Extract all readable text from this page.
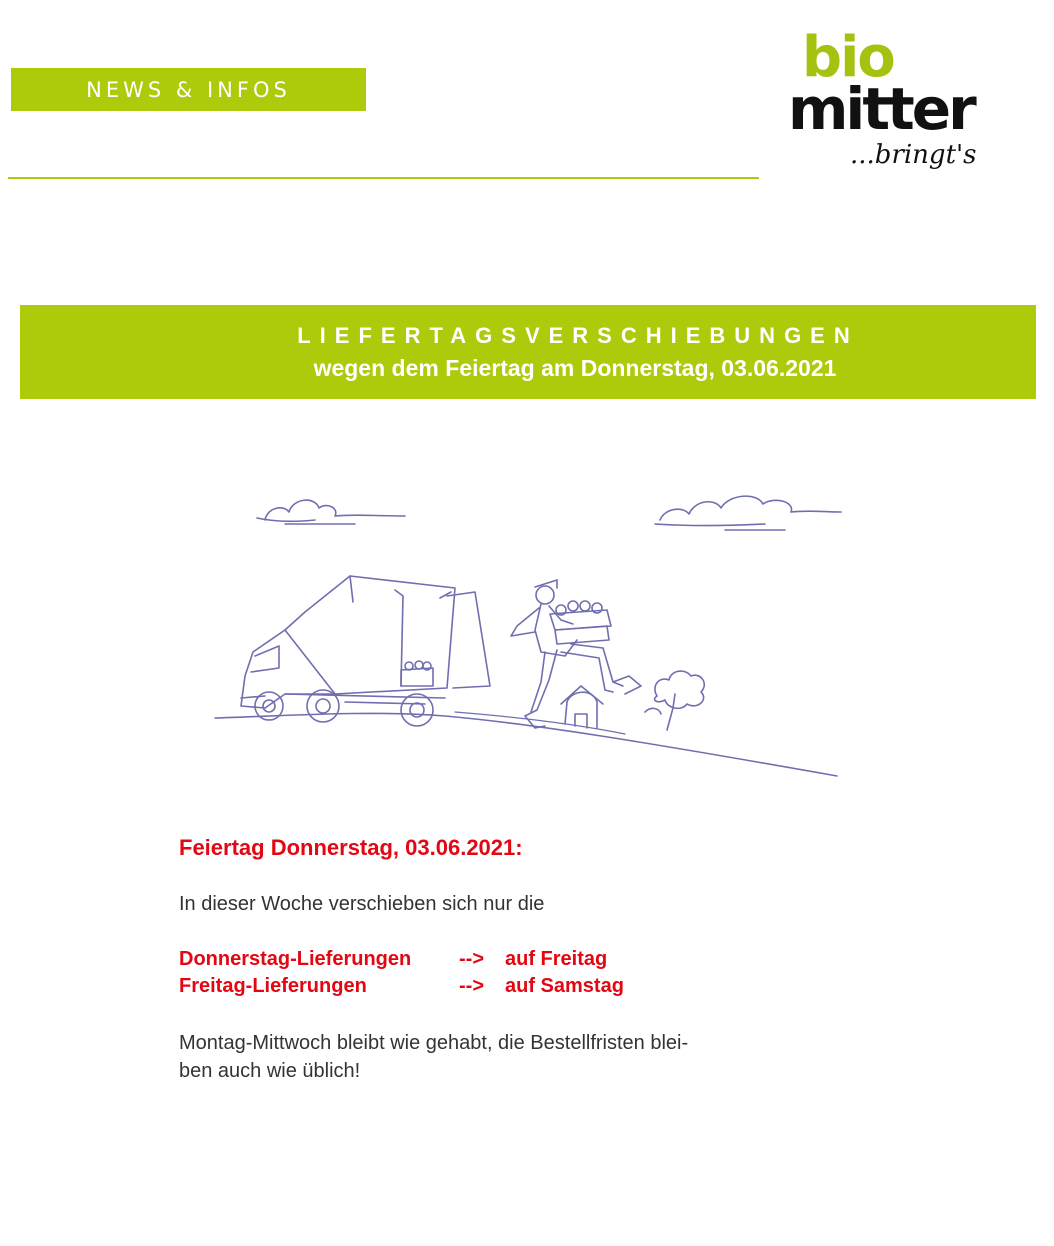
NEWS & INFOS	bio
mitter
...bringt's
LIEFERTAGSVERSCHIEBUNGEN
wegen dem Feiertag am Donnerstag, 03.06.2021
Feiertag Donnerstag, 03.06.2021:
In dieser Woche verschieben sich nur die
Donnerstag-Lieferungen --> auf Freitag
Freitag-Lieferungen	--> auf Samstag
Montag-Mittwoch bleibt wie gehabt, die Bestellfristen blei-
ben auch wie üblich!
